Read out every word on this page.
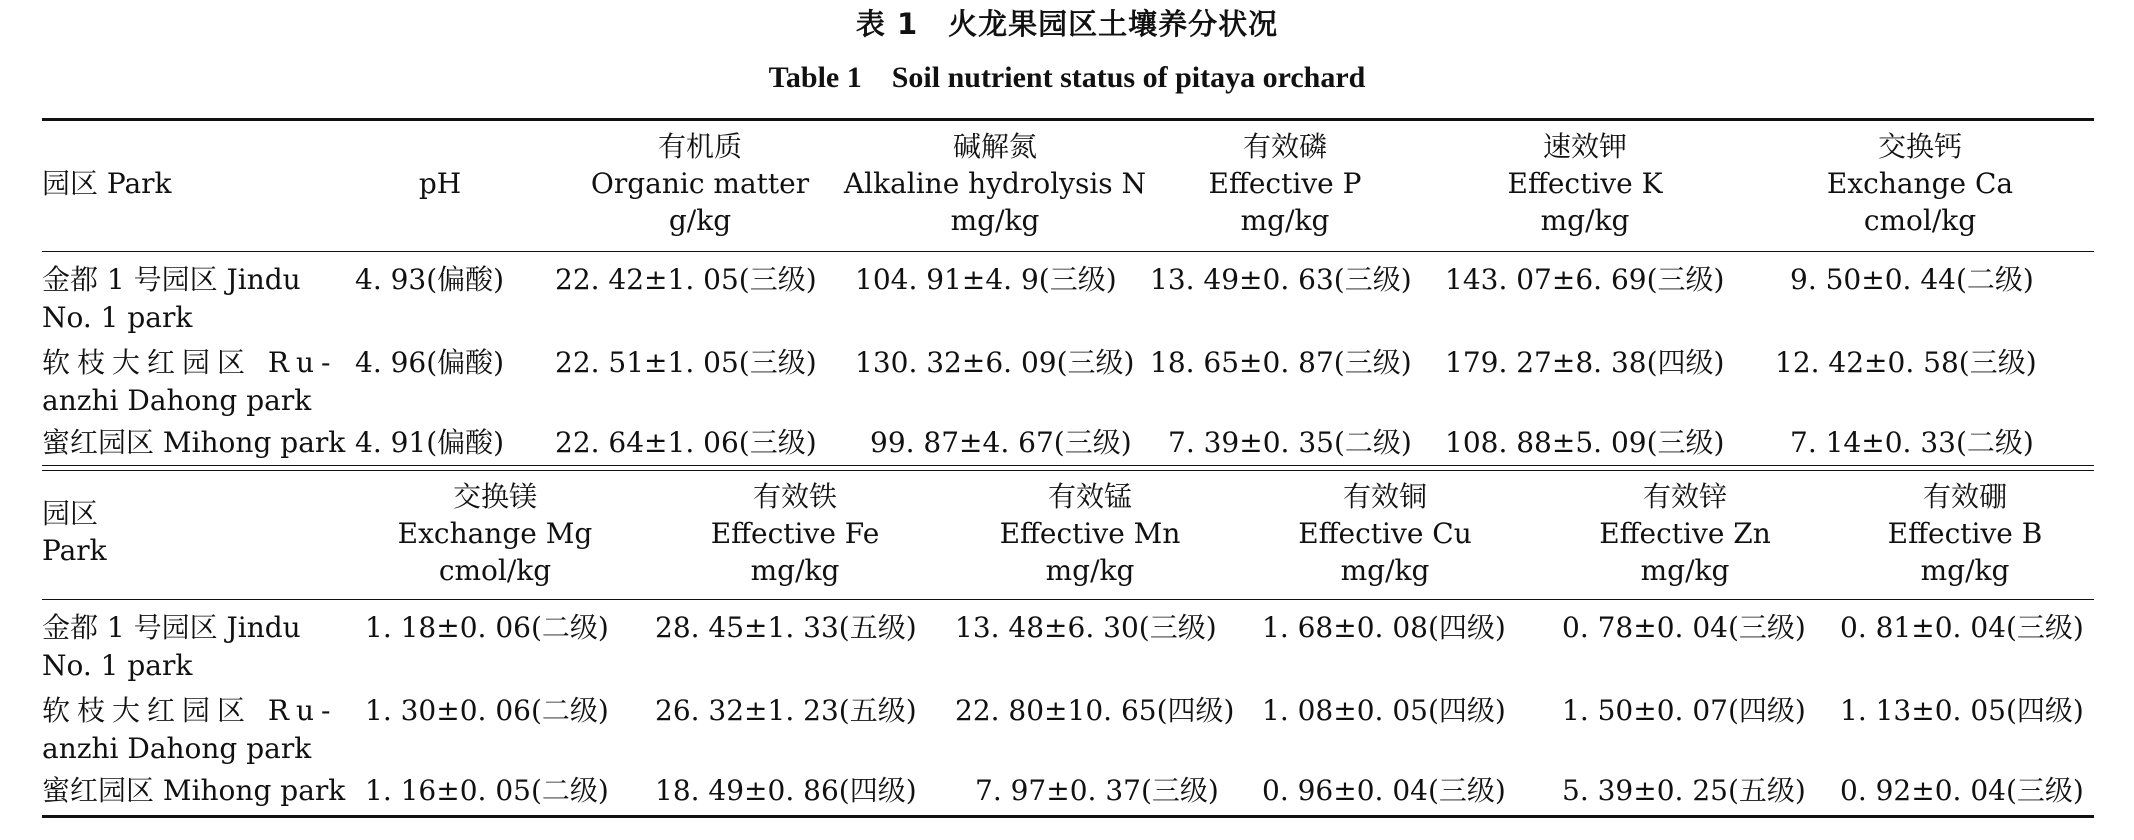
表 1　火龙果园区土壤养分状况
Table 1　Soil nutrient status of pitaya orchard
园区 Park	pH
有机质
Organic matter
g/kg
碱解氮
Alkaline hydrolysis N
mg/kg
有效磷
Effective P
mg/kg
速效钾
Effective K
mg/kg
交换钙
Exchange Ca
cmol/kg
金都 1 号园区 Jindu
No. 1 park
4. 93(偏酸) 22. 42±1. 05(三级) 104. 91±4. 9(三级) 13. 49±0. 63(三级) 143. 07±6. 69(三级) 9. 50±0. 44(二级)
软枝大红园区 Ru-
anzhi Dahong park
4. 96(偏酸) 22. 51±1. 05(三级) 130. 32±6. 09(三级) 18. 65±0. 87(三级) 179. 27±8. 38(四级) 12. 42±0. 58(三级)
蜜红园区 Mihong park 4. 91(偏酸) 22. 64±1. 06(三级) 99. 87±4. 67(三级) 7. 39±0. 35(二级) 108. 88±5. 09(三级) 7. 14±0. 33(二级)
园区
Park
交换镁
Exchange Mg
cmol/kg
有效铁
Effective Fe
mg/kg
有效锰
Effective Mn
mg/kg
有效铜
Effective Cu
mg/kg
有效锌
Effective Zn
mg/kg
有效硼
Effective B
mg/kg
金都 1 号园区 Jindu
No. 1 park
1. 18±0. 06(二级) 28. 45±1. 33(五级) 13. 48±6. 30(三级) 1. 68±0. 08(四级) 0. 78±0. 04(三级) 0. 81±0. 04(三级)
软枝大红园区 Ru-
anzhi Dahong park
1. 30±0. 06(二级) 26. 32±1. 23(五级) 22. 80±10. 65(四级) 1. 08±0. 05(四级) 1. 50±0. 07(四级) 1. 13±0. 05(四级)
蜜红园区 Mihong park 1. 16±0. 05(二级) 18. 49±0. 86(四级) 7. 97±0. 37(三级) 0. 96±0. 04(三级) 5. 39±0. 25(五级) 0. 92±0. 04(三级)
